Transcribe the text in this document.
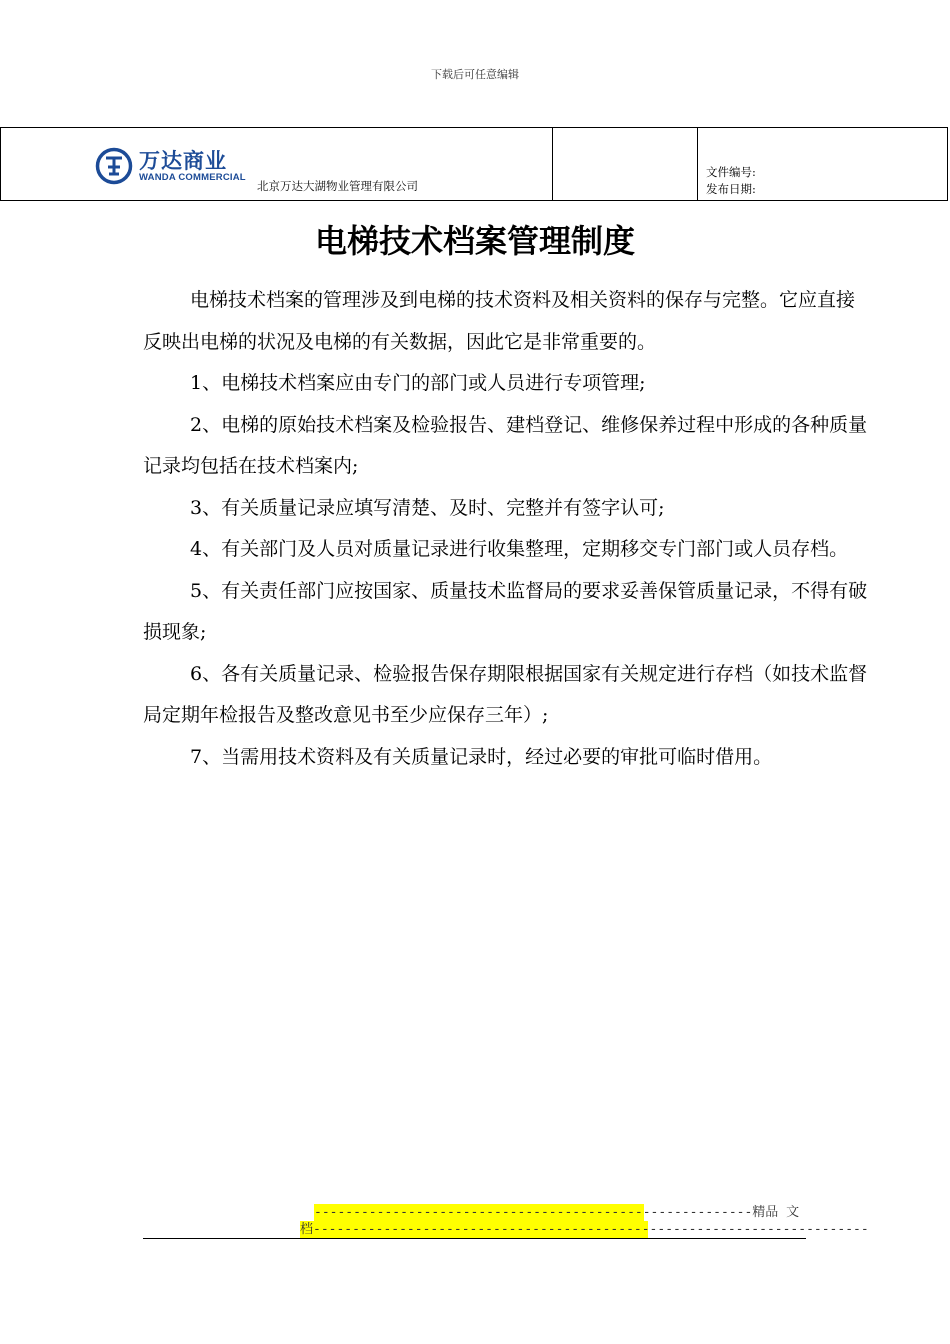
下载后可任意编辑
万达商业
WANDA COMMERCIAL
北京万达大湖物业管理有限公司
文件编号:
发布日期:
电梯技术档案管理制度

电梯技术档案的管理涉及到电梯的技术资料及相关资料的保存与完整。它应直接反映出电梯的状况及电梯的有关数据，因此它是非常重要的。

1、电梯技术档案应由专门的部门或人员进行专项管理;

2、电梯的原始技术档案及检验报告、建档登记、维修保养过程中形成的各种质量记录均包括在技术档案内;

3、有关质量记录应填写清楚、及时、完整并有签字认可;

4、有关部门及人员对质量记录进行收集整理，定期移交专门部门或人员存档。

5、有关责任部门应按国家、质量技术监督局的要求妥善保管质量记录，不得有破损现象;

6、各有关质量记录、检验报告保存期限根据国家有关规定进行存档（如技术监督局定期年检报告及整改意见书至少应保存三年）;

7、当需用技术资料及有关质量记录时，经过必要的审批可临时借用。

--------------------------------------------------------精品 文
档-----------------------------------------------------------------------
